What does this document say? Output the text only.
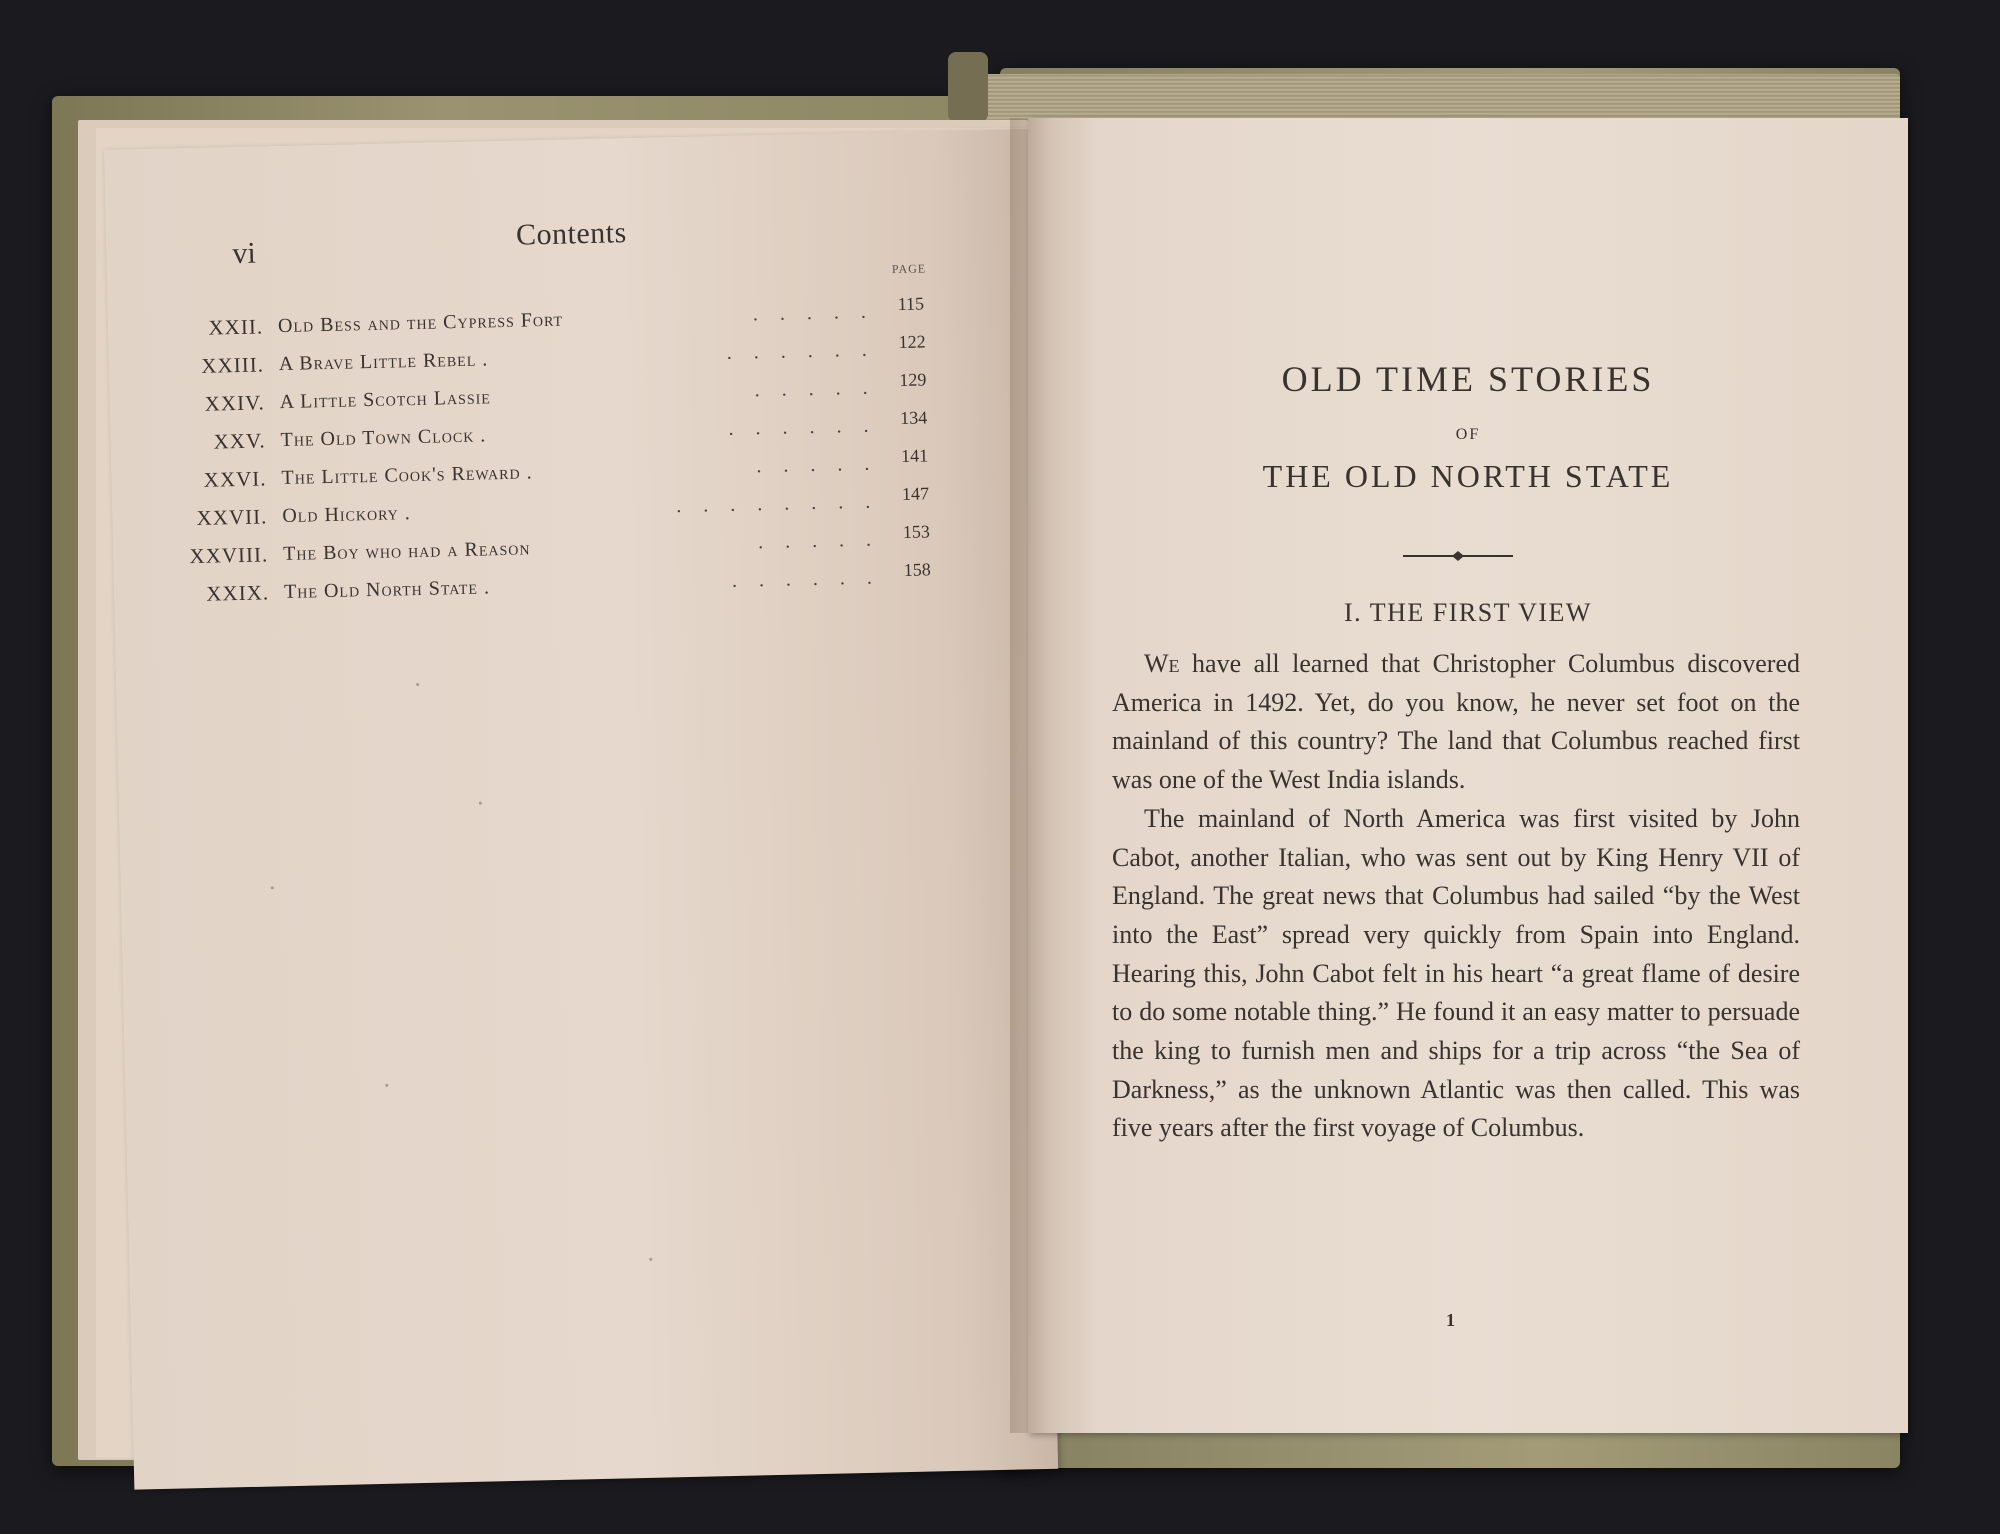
vi
Contents
PAGE
XXII. Old Bess and the Cypress Fort	..... 115
XXIII. A Brave Little Rebel .	...... 122
XXIV. A Little Scotch Lassie	..... 129
XXV. The Old Town Clock .	...... 134
XXVI. The Little Cook's Reward .	..... 141
XXVII. Old Hickory .	........ 147
XXVIII. The Boy who had a Reason	..... 153
XXIX. The Old North State .	...... 158
OLD TIME STORIES
OF
THE OLD NORTH STATE
I. THE FIRST VIEW

We have all learned that Christopher Columbus discovered America in 1492. Yet, do you know, he never set foot on the mainland of this country? The land that Columbus reached first was one of the West India islands.

The mainland of North America was first visited by John Cabot, another Italian, who was sent out by King Henry VII of England. The great news that Columbus had sailed “by the West into the East” spread very quickly from Spain into England. Hearing this, John Cabot felt in his heart “a great flame of desire to do some notable thing.” He found it an easy matter to persuade the king to furnish men and ships for a trip across “the Sea of Darkness,” as the unknown Atlantic was then called. This was five years after the first voyage of Columbus.

1
